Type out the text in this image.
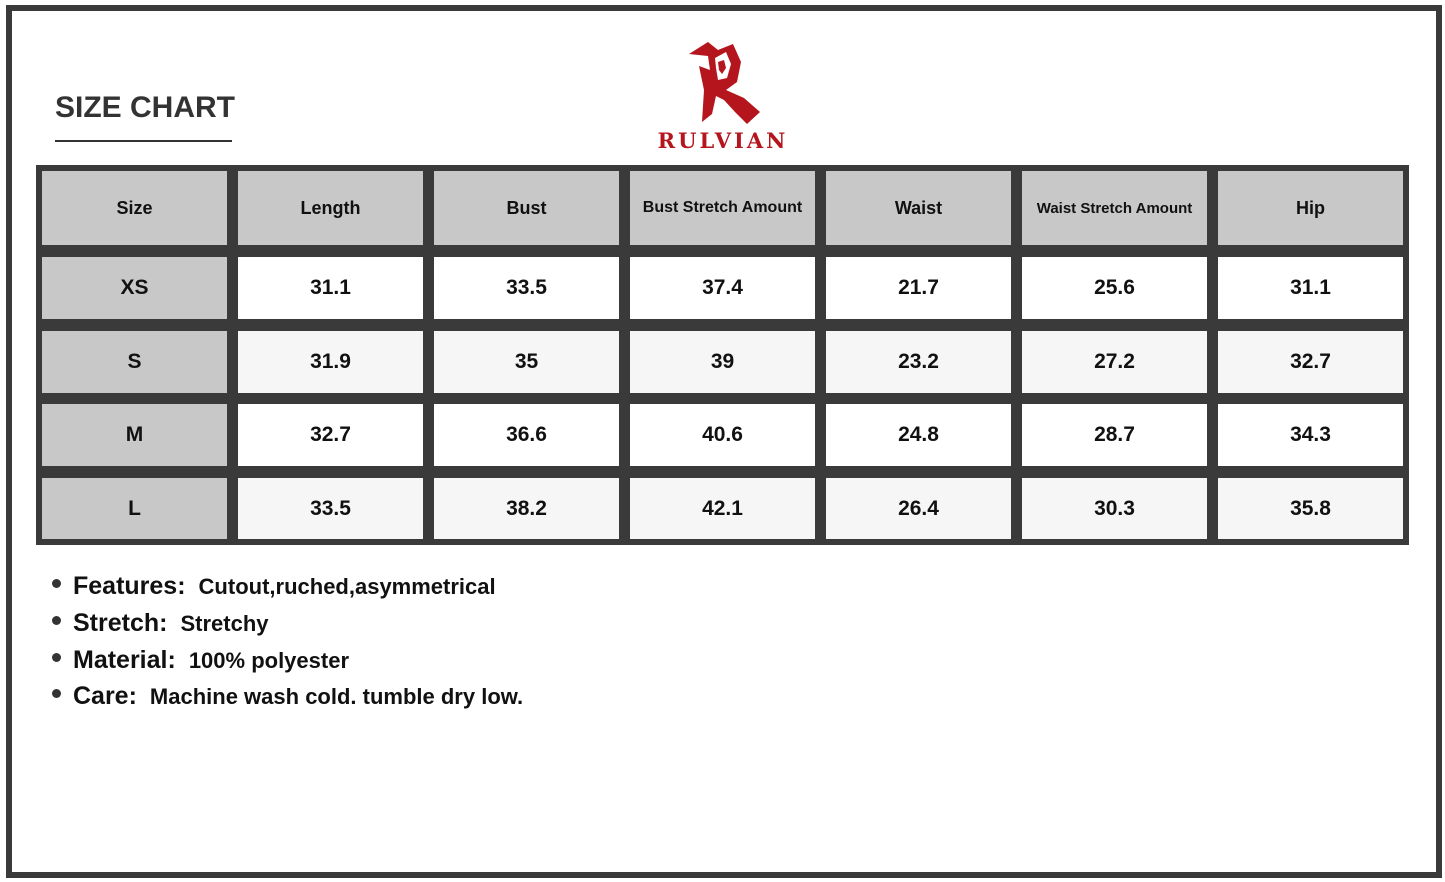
SIZE CHART
RULVIAN
Size	Length	Bust	Bust Stretch Amount	Waist	Waist Stretch Amount	Hip
XS	31.1	33.5	37.4	21.7	25.6	31.1
S	31.9	35	39	23.2	27.2	32.7
M	32.7	36.6	40.6	24.8	28.7	34.3
L	33.5	38.2	42.1	26.4	30.3	35.8
Features: Cutout,ruched,asymmetrical
Stretch: Stretchy
Material: 100% polyester
Care: Machine wash cold. tumble dry low.
